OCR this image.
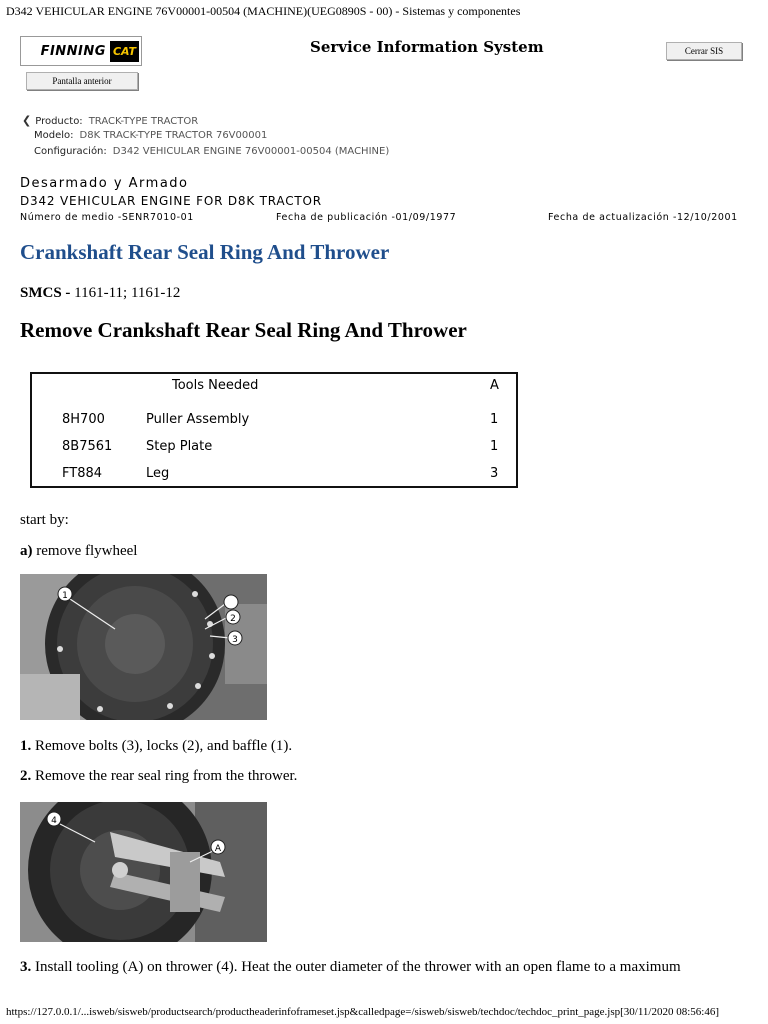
D342 VEHICULAR ENGINE 76V00001-00504 (MACHINE)(UEG0890S - 00) - Sistemas y componentes
FINNING CAT	Service Information System
Pantalla anterior
Cerrar SIS
❮ Producto: TRACK-TYPE TRACTOR
Modelo: D8K TRACK-TYPE TRACTOR 76V00001
Configuración: D342 VEHICULAR ENGINE 76V00001-00504 (MACHINE)
Desarmado y Armado
D342 VEHICULAR ENGINE FOR D8K TRACTOR
Número de medio -SENR7010-01	Fecha de publicación -01/09/1977	Fecha de actualización -12/10/2001
Crankshaft Rear Seal Ring And Thrower
SMCS - 1161-11; 1161-12
Remove Crankshaft Rear Seal Ring And Thrower
Tools Needed	A
8H700	Puller Assembly	1
8B7561	Step Plate	1
FT884	Leg	3
start by:
a) remove flywheel
1
2
3
1. Remove bolts (3), locks (2), and baffle (1).
2. Remove the rear seal ring from the thrower.
4
A
3. Install tooling (A) on thrower (4). Heat the outer diameter of the thrower with an open flame to a maximum
https://127.0.0.1/...isweb/sisweb/productsearch/productheaderinfoframeset.jsp&calledpage=/sisweb/sisweb/techdoc/techdoc_print_page.jsp[30/11/2020 08:56:46]
